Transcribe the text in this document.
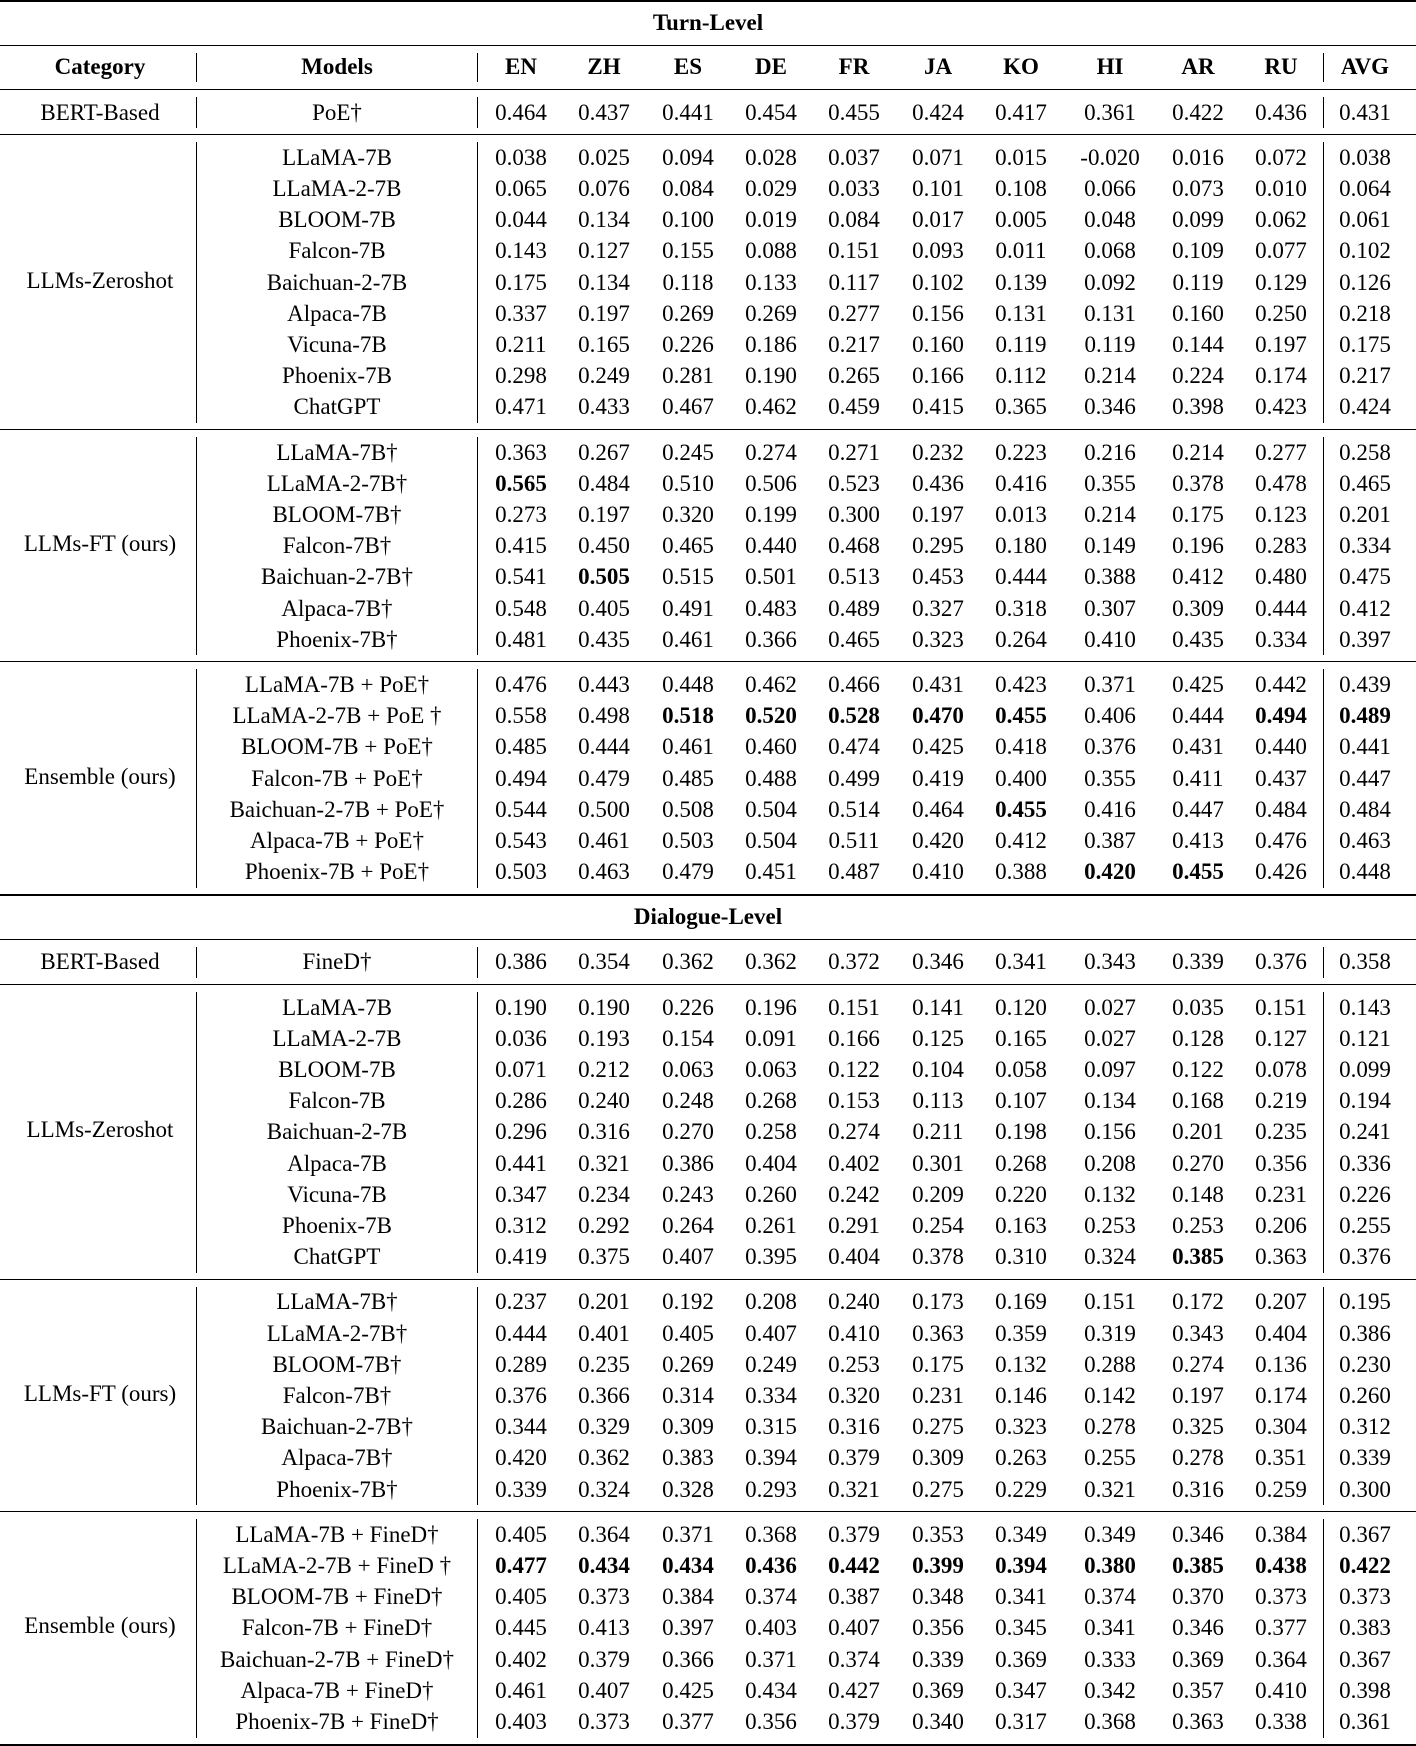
Turn-Level
Category	Models	EN	ZH	ES	DE	FR	JA	KO	HI	AR	RU	AVG
BERT-Based	PoE†	0.464	0.437	0.441	0.454	0.455	0.424	0.417	0.361	0.422	0.436	0.431
LLMs-Zeroshot
LLaMA-7B	0.038	0.025	0.094	0.028	0.037	0.071	0.015	-0.020	0.016	0.072	0.038
LLaMA-2-7B	0.065	0.076	0.084	0.029	0.033	0.101	0.108	0.066	0.073	0.010	0.064
BLOOM-7B	0.044	0.134	0.100	0.019	0.084	0.017	0.005	0.048	0.099	0.062	0.061
Falcon-7B	0.143	0.127	0.155	0.088	0.151	0.093	0.011	0.068	0.109	0.077	0.102
Baichuan-2-7B	0.175	0.134	0.118	0.133	0.117	0.102	0.139	0.092	0.119	0.129	0.126
Alpaca-7B	0.337	0.197	0.269	0.269	0.277	0.156	0.131	0.131	0.160	0.250	0.218
Vicuna-7B	0.211	0.165	0.226	0.186	0.217	0.160	0.119	0.119	0.144	0.197	0.175
Phoenix-7B	0.298	0.249	0.281	0.190	0.265	0.166	0.112	0.214	0.224	0.174	0.217
ChatGPT	0.471	0.433	0.467	0.462	0.459	0.415	0.365	0.346	0.398	0.423	0.424
LLMs-FT (ours)
LLaMA-7B†	0.363	0.267	0.245	0.274	0.271	0.232	0.223	0.216	0.214	0.277	0.258
LLaMA-2-7B†	0.565	0.484	0.510	0.506	0.523	0.436	0.416	0.355	0.378	0.478	0.465
BLOOM-7B†	0.273	0.197	0.320	0.199	0.300	0.197	0.013	0.214	0.175	0.123	0.201
Falcon-7B†	0.415	0.450	0.465	0.440	0.468	0.295	0.180	0.149	0.196	0.283	0.334
Baichuan-2-7B†	0.541	0.505	0.515	0.501	0.513	0.453	0.444	0.388	0.412	0.480	0.475
Alpaca-7B†	0.548	0.405	0.491	0.483	0.489	0.327	0.318	0.307	0.309	0.444	0.412
Phoenix-7B†	0.481	0.435	0.461	0.366	0.465	0.323	0.264	0.410	0.435	0.334	0.397
Ensemble (ours)
LLaMA-7B + PoE†	0.476	0.443	0.448	0.462	0.466	0.431	0.423	0.371	0.425	0.442	0.439
LLaMA-2-7B + PoE †	0.558	0.498	0.518	0.520	0.528	0.470	0.455	0.406	0.444	0.494	0.489
BLOOM-7B + PoE†	0.485	0.444	0.461	0.460	0.474	0.425	0.418	0.376	0.431	0.440	0.441
Falcon-7B + PoE†	0.494	0.479	0.485	0.488	0.499	0.419	0.400	0.355	0.411	0.437	0.447
Baichuan-2-7B + PoE†	0.544	0.500	0.508	0.504	0.514	0.464	0.455	0.416	0.447	0.484	0.484
Alpaca-7B + PoE†	0.543	0.461	0.503	0.504	0.511	0.420	0.412	0.387	0.413	0.476	0.463
Phoenix-7B + PoE†	0.503	0.463	0.479	0.451	0.487	0.410	0.388	0.420	0.455	0.426	0.448
Dialogue-Level
BERT-Based	FineD†	0.386	0.354	0.362	0.362	0.372	0.346	0.341	0.343	0.339	0.376	0.358
LLMs-Zeroshot
LLaMA-7B	0.190	0.190	0.226	0.196	0.151	0.141	0.120	0.027	0.035	0.151	0.143
LLaMA-2-7B	0.036	0.193	0.154	0.091	0.166	0.125	0.165	0.027	0.128	0.127	0.121
BLOOM-7B	0.071	0.212	0.063	0.063	0.122	0.104	0.058	0.097	0.122	0.078	0.099
Falcon-7B	0.286	0.240	0.248	0.268	0.153	0.113	0.107	0.134	0.168	0.219	0.194
Baichuan-2-7B	0.296	0.316	0.270	0.258	0.274	0.211	0.198	0.156	0.201	0.235	0.241
Alpaca-7B	0.441	0.321	0.386	0.404	0.402	0.301	0.268	0.208	0.270	0.356	0.336
Vicuna-7B	0.347	0.234	0.243	0.260	0.242	0.209	0.220	0.132	0.148	0.231	0.226
Phoenix-7B	0.312	0.292	0.264	0.261	0.291	0.254	0.163	0.253	0.253	0.206	0.255
ChatGPT	0.419	0.375	0.407	0.395	0.404	0.378	0.310	0.324	0.385	0.363	0.376
LLMs-FT (ours)
LLaMA-7B†	0.237	0.201	0.192	0.208	0.240	0.173	0.169	0.151	0.172	0.207	0.195
LLaMA-2-7B†	0.444	0.401	0.405	0.407	0.410	0.363	0.359	0.319	0.343	0.404	0.386
BLOOM-7B†	0.289	0.235	0.269	0.249	0.253	0.175	0.132	0.288	0.274	0.136	0.230
Falcon-7B†	0.376	0.366	0.314	0.334	0.320	0.231	0.146	0.142	0.197	0.174	0.260
Baichuan-2-7B†	0.344	0.329	0.309	0.315	0.316	0.275	0.323	0.278	0.325	0.304	0.312
Alpaca-7B†	0.420	0.362	0.383	0.394	0.379	0.309	0.263	0.255	0.278	0.351	0.339
Phoenix-7B†	0.339	0.324	0.328	0.293	0.321	0.275	0.229	0.321	0.316	0.259	0.300
Ensemble (ours)
LLaMA-7B + FineD†	0.405	0.364	0.371	0.368	0.379	0.353	0.349	0.349	0.346	0.384	0.367
LLaMA-2-7B + FineD †	0.477	0.434	0.434	0.436	0.442	0.399	0.394	0.380	0.385	0.438	0.422
BLOOM-7B + FineD†	0.405	0.373	0.384	0.374	0.387	0.348	0.341	0.374	0.370	0.373	0.373
Falcon-7B + FineD†	0.445	0.413	0.397	0.403	0.407	0.356	0.345	0.341	0.346	0.377	0.383
Baichuan-2-7B + FineD†	0.402	0.379	0.366	0.371	0.374	0.339	0.369	0.333	0.369	0.364	0.367
Alpaca-7B + FineD†	0.461	0.407	0.425	0.434	0.427	0.369	0.347	0.342	0.357	0.410	0.398
Phoenix-7B + FineD†	0.403	0.373	0.377	0.356	0.379	0.340	0.317	0.368	0.363	0.338	0.361
